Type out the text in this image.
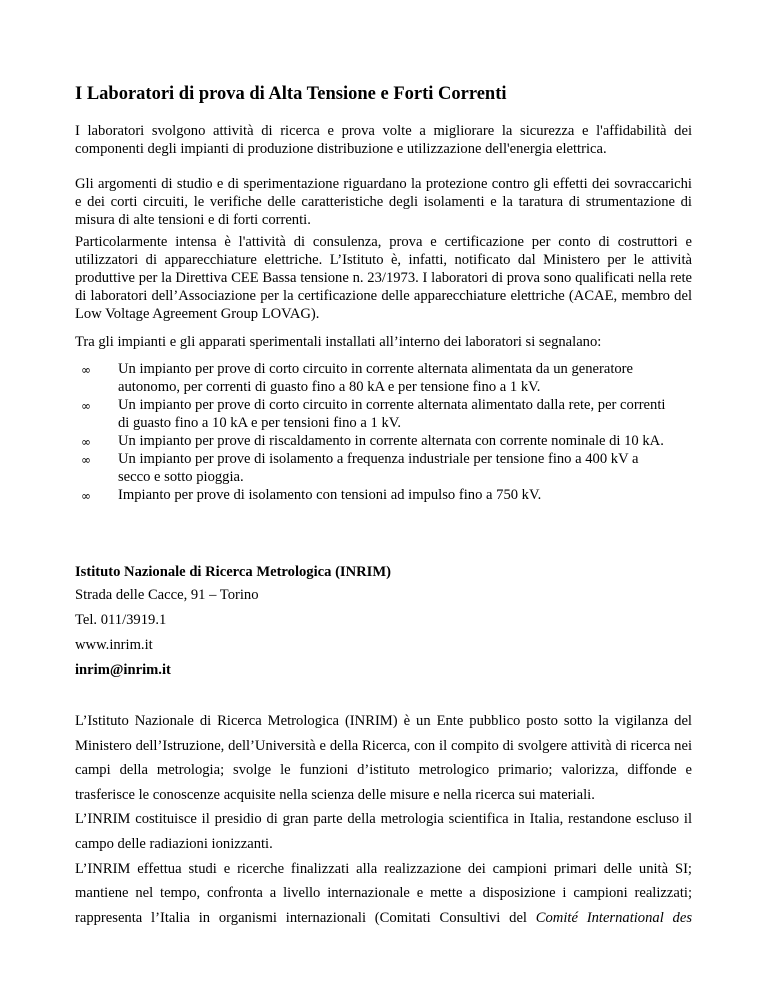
I Laboratori di prova di Alta Tensione e Forti Correnti

I laboratori svolgono attività di ricerca e prova volte a migliorare la sicurezza e l'affidabilità dei componenti degli impianti di produzione distribuzione e utilizzazione dell'energia elettrica.

Gli argomenti di studio e di sperimentazione riguardano la protezione contro gli effetti dei sovraccarichi e dei corti circuiti, le verifiche delle caratteristiche degli isolamenti e la taratura di strumentazione di misura di alte tensioni e di forti correnti.

Particolarmente intensa è l'attività di consulenza, prova e certificazione per conto di costruttori e utilizzatori di apparecchiature elettriche. L’Istituto è, infatti, notificato dal Ministero per le attività produttive per la Direttiva CEE Bassa tensione n. 23/1973. I laboratori di prova sono qualificati nella rete di laboratori dell’Associazione per la certificazione delle apparecchiature elettriche (ACAE, membro del Low Voltage Agreement Group LOVAG).

Tra gli impianti e gli apparati sperimentali installati all’interno dei laboratori si segnalano:

∞ Un impianto per prove di corto circuito in corrente alternata alimentata da un generatore autonomo, per correnti di guasto fino a 80 kA e per tensione fino a 1 kV.
∞ Un impianto per prove di corto circuito in corrente alternata alimentato dalla rete, per correnti di guasto fino a 10 kA e per tensioni fino a 1 kV.
∞ Un impianto per prove di riscaldamento in corrente alternata con corrente nominale di 10 kA.
∞ Un impianto per prove di isolamento a frequenza industriale per tensione fino a 400 kV a secco e sotto pioggia.
∞ Impianto per prove di isolamento con tensioni ad impulso fino a 750 kV.

Istituto Nazionale di Ricerca Metrologica (INRIM)

Strada delle Cacce, 91 – Torino

Tel. 011/3919.1

www.inrim.it

inrim@inrim.it

L’Istituto Nazionale di Ricerca Metrologica (INRIM) è un Ente pubblico posto sotto la vigilanza del Ministero dell’Istruzione, dell’Università e della Ricerca, con il compito di svolgere attività di ricerca nei campi della metrologia; svolge le funzioni d’istituto metrologico primario; valorizza, diffonde e trasferisce le conoscenze acquisite nella scienza delle misure e nella ricerca sui materiali.

L’INRIM costituisce il presidio di gran parte della metrologia scientifica in Italia, restandone escluso il campo delle radiazioni ionizzanti.

L’INRIM effettua studi e ricerche finalizzati alla realizzazione dei campioni primari delle unità SI; mantiene nel tempo, confronta a livello internazionale e mette a disposizione i campioni realizzati; rappresenta l’Italia in organismi internazionali (Comitati Consultivi del Comité International des
